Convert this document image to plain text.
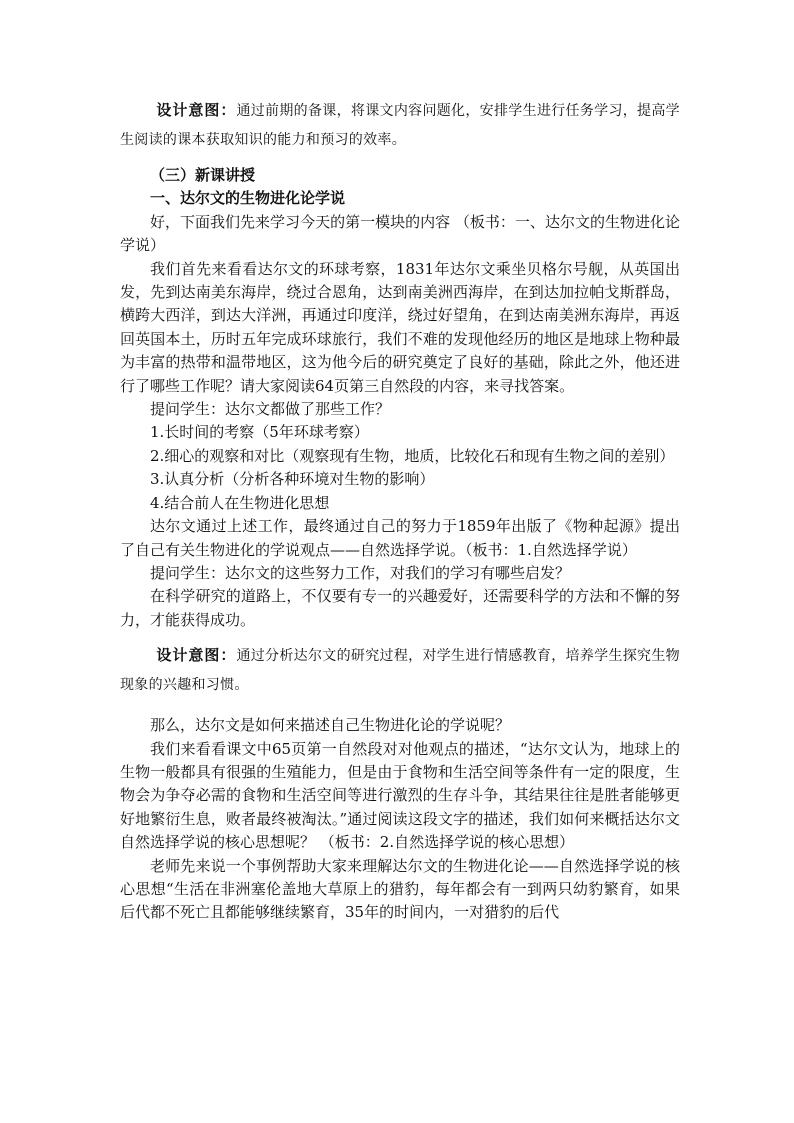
设计意图：通过前期的备课，将课文内容问题化，安排学生进行任务学习，提高学生阅读的课本获取知识的能力和预习的效率。

（三）新课讲授

一、达尔文的生物进化论学说

好，下面我们先来学习今天的第一模块的内容 （板书：一、达尔文的生物进化论学说）

我们首先来看看达尔文的环球考察，1831年达尔文乘坐贝格尔号舰，从英国出发，先到达南美东海岸，绕过合恩角，达到南美洲西海岸，在到达加拉帕戈斯群岛，横跨大西洋，到达大洋洲，再通过印度洋，绕过好望角，在到达南美洲东海岸，再返回英国本土，历时五年完成环球旅行，我们不难的发现他经历的地区是地球上物种最为丰富的热带和温带地区，这为他今后的研究奠定了良好的基础，除此之外，他还进行了哪些工作呢？请大家阅读64页第三自然段的内容，来寻找答案。

提问学生：达尔文都做了那些工作？

1.长时间的考察（5年环球考察）

2.细心的观察和对比（观察现有生物，地质，比较化石和现有生物之间的差别）

3.认真分析（分析各种环境对生物的影响）

4.结合前人在生物进化思想

达尔文通过上述工作，最终通过自己的努力于1859年出版了《物种起源》提出了自己有关生物进化的学说观点——自然选择学说。（板书：1.自然选择学说）

提问学生：达尔文的这些努力工作，对我们的学习有哪些启发？

在科学研究的道路上，不仅要有专一的兴趣爱好，还需要科学的方法和不懈的努力，才能获得成功。

设计意图：通过分析达尔文的研究过程，对学生进行情感教育，培养学生探究生物现象的兴趣和习惯。

那么，达尔文是如何来描述自己生物进化论的学说呢？

我们来看看课文中65页第一自然段对对他观点的描述，“达尔文认为，地球上的生物一般都具有很强的生殖能力，但是由于食物和生活空间等条件有一定的限度，生物会为争夺必需的食物和生活空间等进行激烈的生存斗争，其结果往往是胜者能够更好地繁衍生息，败者最终被淘汰。”通过阅读这段文字的描述，我们如何来概括达尔文自然选择学说的核心思想呢？ （板书：2.自然选择学说的核心思想）

老师先来说一个事例帮助大家来理解达尔文的生物进化论——自然选择学说的核心思想“生活在非洲塞伦盖地大草原上的猎豹，每年都会有一到两只幼豹繁育，如果后代都不死亡且都能够继续繁育，35年的时间内，一对猎豹的后代
